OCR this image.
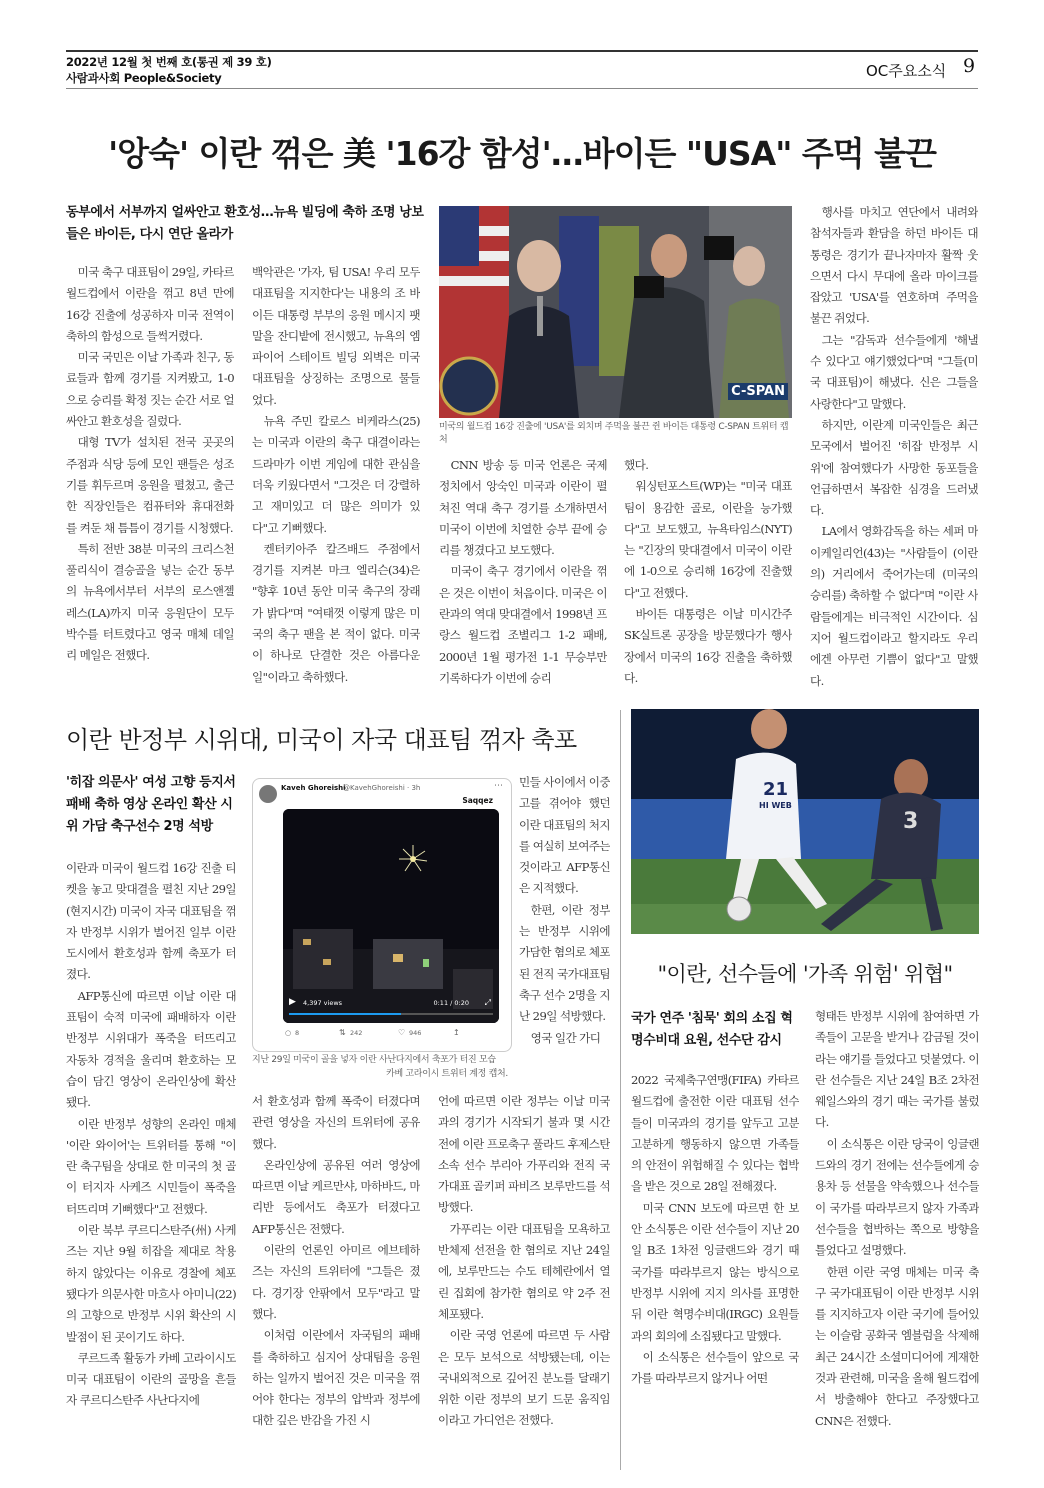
2022년 12월 첫 번째 호(통권 제 39 호)
사람과사회 People&Society	OC주요소식 9
'앙숙' 이란 꺾은 美 '16강 함성'…바이든 "USA" 주먹 불끈
동부에서 서부까지 얼싸안고 환호성…뉴욕 빌딩에 축하 조명 낭보 들은 바이든, 다시 연단 올라가
C-SPAN
미국의 월드컵 16강 진출에 'USA'를 외치며 주먹을 불끈 쥔 바이든 대통령 C-SPAN 트위터 캡처

미국 축구 대표팀이 29일, 카타르 월드컵에서 이란을 꺾고 8년 만에 16강 진출에 성공하자 미국 전역이 축하의 함성으로 들썩거렸다.

미국 국민은 이날 가족과 친구, 동료들과 함께 경기를 지켜봤고, 1-0으로 승리를 확정 짓는 순간 서로 얼싸안고 환호성을 질렀다.

대형 TV가 설치된 전국 곳곳의 주점과 식당 등에 모인 팬들은 성조기를 휘두르며 응원을 펼쳤고, 출근한 직장인들은 컴퓨터와 휴대전화를 켜둔 채 틈틈이 경기를 시청했다.

특히 전반 38분 미국의 크리스천 풀리식이 결승골을 넣는 순간 동부의 뉴욕에서부터 서부의 로스앤젤레스(LA)까지 미국 응원단이 모두 박수를 터트렸다고 영국 매체 데일리 메일은 전했다.

백악관은 '가자, 팀 USA! 우리 모두 대표팀을 지지한다'는 내용의 조 바이든 대통령 부부의 응원 메시지 팻말을 잔디밭에 전시했고, 뉴욕의 엠파이어 스테이트 빌딩 외벽은 미국 대표팀을 상징하는 조명으로 물들었다.

뉴욕 주민 칼로스 비케라스(25)는 미국과 이란의 축구 대결이라는 드라마가 이번 게임에 대한 관심을 더욱 키웠다면서 "그것은 더 강렬하고 재미있고 더 많은 의미가 있다"고 기뻐했다.

켄터키아주 칼즈배드 주점에서 경기를 지켜본 마크 엘리슨(34)은 "향후 10년 동안 미국 축구의 장래가 밝다"며 "여태껏 이렇게 많은 미국의 축구 팬을 본 적이 없다. 미국이 하나로 단결한 것은 아름다운 일"이라고 축하했다.

CNN 방송 등 미국 언론은 국제정치에서 앙숙인 미국과 이란이 펼쳐진 역대 축구 경기를 소개하면서 미국이 이번에 치열한 승부 끝에 승리를 챙겼다고 보도했다.

미국이 축구 경기에서 이란을 꺾은 것은 이번이 처음이다. 미국은 이란과의 역대 맞대결에서 1998년 프랑스 월드컵 조별리그 1-2 패배, 2000년 1월 평가전 1-1 무승부만 기록하다가 이번에 승리

했다.

워싱턴포스트(WP)는 "미국 대표팀이 용감한 골로, 이란을 능가했다"고 보도했고, 뉴욕타임스(NYT)는 "긴장의 맞대결에서 미국이 이란에 1-0으로 승리해 16강에 진출했다"고 전했다.

바이든 대통령은 이날 미시간주 SK실트론 공장을 방문했다가 행사장에서 미국의 16강 진출을 축하했다.

행사를 마치고 연단에서 내려와 참석자들과 환담을 하던 바이든 대통령은 경기가 끝나자마자 활짝 웃으면서 다시 무대에 올라 마이크를 잡았고 'USA'를 연호하며 주먹을 불끈 쥐었다.

그는 "감독과 선수들에게 '해낼 수 있다'고 얘기했었다"며 "그들(미국 대표팀)이 해냈다. 신은 그들을 사랑한다"고 말했다.

하지만, 이란계 미국인들은 최근 모국에서 벌어진 '히잡 반정부 시위'에 참여했다가 사망한 동포들을 언급하면서 복잡한 심경을 드러냈다.

LA에서 영화감독을 하는 세퍼 마이케일리언(43)는 "사람들이 (이란의) 거리에서 죽어가는데 (미국의 승리를) 축하할 수 없다"며 "이란 사람들에게는 비극적인 시간이다. 심지어 월드컵이라고 할지라도 우리에겐 아무런 기쁨이 없다"고 말했다.

이란 반정부 시위대, 미국이 자국 대표팀 꺾자 축포
'히잡 의문사' 여성 고향 등지서 패배 축하 영상 온라인 확산 시위 가담 축구선수 2명 석방
Kaveh Ghoreishi
@KavehGhoreishi · 3h	⋯
Saqqez
▶ 4,397 views	0:11 / 0:20 ⤢
○ 8	⇅ 242	♡ 946	↥
지난 29일 미국이 골을 넣자 이란 사난다지에서 축포가 터진 모습
카베 고라이시 트위터 계정 캡처.

이란과 미국이 월드컵 16강 진출 티켓을 놓고 맞대결을 펼친 지난 29일(현지시간) 미국이 자국 대표팀을 꺾자 반정부 시위가 벌어진 일부 이란 도시에서 환호성과 함께 축포가 터졌다.

AFP통신에 따르면 이날 이란 대표팀이 숙적 미국에 패배하자 이란 반정부 시위대가 폭죽을 터뜨리고 자동차 경적을 울리며 환호하는 모습이 담긴 영상이 온라인상에 확산됐다.

이란 반정부 성향의 온라인 매체 '이란 와이어'는 트위터를 통해 "이란 축구팀을 상대로 한 미국의 첫 골이 터지자 사케즈 시민들이 폭죽을 터뜨리며 기뻐했다"고 전했다.

이란 북부 쿠르디스탄주(州) 사케즈는 지난 9월 히잡을 제대로 착용하지 않았다는 이유로 경찰에 체포됐다가 의문사한 마흐사 아미니(22)의 고향으로 반정부 시위 확산의 시발점이 된 곳이기도 하다.

쿠르드족 활동가 카베 고라이시도 미국 대표팀이 이란의 골망을 흔들자 쿠르디스탄주 사난다지에

민들 사이에서 이중고를 겪어야 했던 이란 대표팀의 처지를 여실히 보여주는 것이라고 AFP통신은 지적했다.

한편, 이란 정부는 반정부 시위에 가담한 혐의로 체포된 전직 국가대표팀 축구 선수 2명을 지난 29일 석방했다.

영국 일간 가디

서 환호성과 함께 폭죽이 터졌다며 관련 영상을 자신의 트위터에 공유했다.

온라인상에 공유된 여러 영상에 따르면 이날 케르만샤, 마하바드, 마리반 등에서도 축포가 터졌다고 AFP통신은 전했다.

이란의 언론인 아미르 에브테하즈는 자신의 트위터에 "그들은 졌다. 경기장 안팎에서 모두"라고 말했다.

이처럼 이란에서 자국팀의 패배를 축하하고 심지어 상대팀을 응원하는 일까지 벌어진 것은 미국을 꺾어야 한다는 정부의 압박과 정부에 대한 깊은 반감을 가진 시

언에 따르면 이란 정부는 이날 미국과의 경기가 시작되기 불과 몇 시간 전에 이란 프로축구 풀라드 후제스탄 소속 선수 부리아 가푸리와 전직 국가대표 골키퍼 파비즈 보루만드를 석방했다.

가푸리는 이란 대표팀을 모욕하고 반체제 선전을 한 혐의로 지난 24일에, 보루만드는 수도 테헤란에서 열린 집회에 참가한 혐의로 약 2주 전 체포됐다.

이란 국영 언론에 따르면 두 사람은 모두 보석으로 석방됐는데, 이는 국내외적으로 깊어진 분노를 달래기 위한 이란 정부의 보기 드문 움직임이라고 가디언은 전했다.

21
HI WEB
3
"이란, 선수들에 '가족 위험' 위협"
국가 연주 '침묵' 회의 소집 혁명수비대 요원, 선수단 감시

2022 국제축구연맹(FIFA) 카타르 월드컵에 출전한 이란 대표팀 선수들이 미국과의 경기를 앞두고 고분고분하게 행동하지 않으면 가족들의 안전이 위험해질 수 있다는 협박을 받은 것으로 28일 전해졌다.

미국 CNN 보도에 따르면 한 보안 소식통은 이란 선수들이 지난 20일 B조 1차전 잉글랜드와 경기 때 국가를 따라부르지 않는 방식으로 반정부 시위에 지지 의사를 표명한 뒤 이란 혁명수비대(IRGC) 요원들과의 회의에 소집됐다고 말했다.

이 소식통은 선수들이 앞으로 국가를 따라부르지 않거나 어떤

형태든 반정부 시위에 참여하면 가족들이 고문을 받거나 감금될 것이라는 얘기를 들었다고 덧붙였다. 이란 선수들은 지난 24일 B조 2차전 웨일스와의 경기 때는 국가를 불렀다.

이 소식통은 이란 당국이 잉글랜드와의 경기 전에는 선수들에게 승용차 등 선물을 약속했으나 선수들이 국가를 따라부르지 않자 가족과 선수들을 협박하는 쪽으로 방향을 틀었다고 설명했다.

한편 이란 국영 매체는 미국 축구 국가대표팀이 이란 반정부 시위를 지지하고자 이란 국기에 들어있는 이슬람 공화국 엠블럼을 삭제해 최근 24시간 소셜미디어에 게재한 것과 관련해, 미국을 올해 월드컵에서 방출해야 한다고 주장했다고 CNN은 전했다.
